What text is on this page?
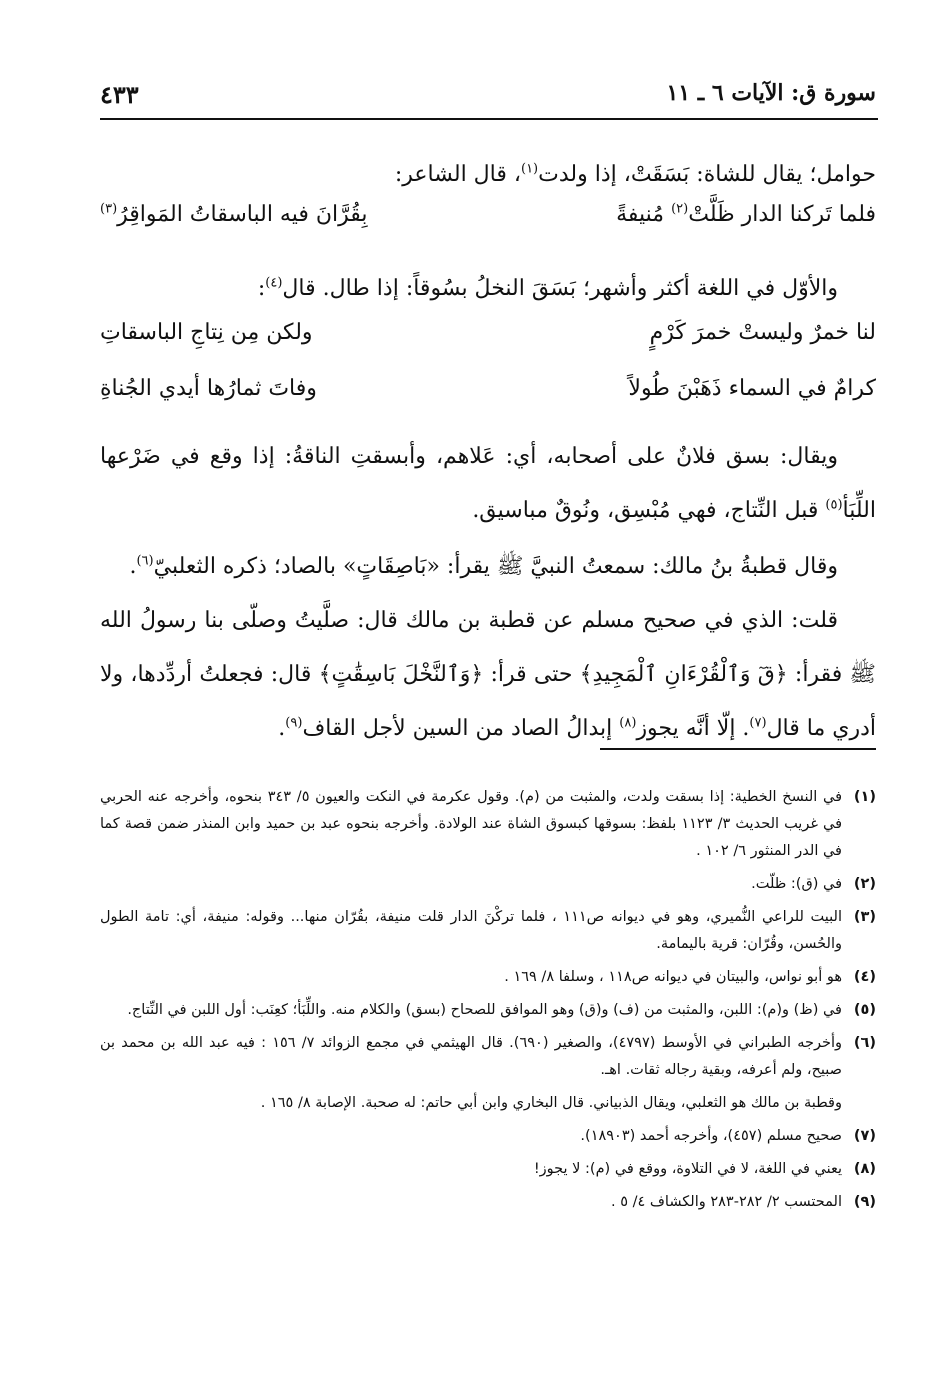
سورة ق: الآيات ٦ ـ ١١
٤٣٣

حوامل؛ يقال للشاة: بَسَقَتْ، إذا ولدت$^{(١)}$، قال الشاعر:

فلما تَركنا الدار ظَلَّتْ$^{(٢)}$ مُنيفةً
بِقُرَّانَ فيه الباسقاتُ المَواقِرُ$^{(٣)}$

والأوّل في اللغة أكثر وأشهر؛ بَسَقَ النخلُ بسُوقاً: إذا طال. قال$^{(٤)}$:

لنا خمرٌ وليستْ خمرَ كَرْمٍ
ولكن مِن نِتاجِ الباسقاتِ
كرامٌ في السماء ذَهَبْنَ طُولاً
وفاتَ ثمارُها أيدي الجُناةِ

ويقال: بسق فلانٌ على أصحابه، أي: عَلاهم، وأبسقتِ الناقةُ: إذا وقع في ضَرْعها اللِّبَأ$^{(٥)}$ قبل النِّتاج، فهي مُبْسِق، ونُوقٌ مباسيق.

وقال قطبةُ بنُ مالك: سمعتُ النبيَّ ﷺ يقرأ: «بَاصِقَاتٍ» بالصاد؛ ذكره الثعلبيّ$^{(٦)}$.

قلت: الذي في صحيح مسلم عن قطبة بن مالك قال: صلَّيتُ وصلّى بنا رسولُ الله ﷺ فقرأ: ﴿قٓ وَٱلْقُرْءَانِ ٱلْمَجِيدِ﴾ حتى قرأ: ﴿وَٱلنَّخْلَ بَاسِقَٰتٍ﴾ قال: فجعلتُ أردِّدها، ولا أدري ما قال$^{(٧)}$. إلّا أنَّه يجوز$^{(٨)}$ إبدالُ الصاد من السين لأجل القاف$^{(٩)}$.

(١)
في النسخ الخطية: إذا بسقت ولدت، والمثبت من (م). وقول عكرمة في النكت والعيون ٥/ ٣٤٣ بنحوه، وأخرجه عنه الحربي في غريب الحديث ٣/ ١١٢٣ بلفظ: بسوقها كبسوق الشاة عند الولادة. وأخرجه بنحوه عبد بن حميد وابن المنذر ضمن قصة كما في الدر المنثور ٦/ ١٠٢ .
(٢)
في (ق): ظلّت.
(٣)
البيت للراعي النُّميري، وهو في ديوانه ص١١١ ، فلما تركْنَ الدار قلت منيفة، بقُرّان منها... وقوله: منيفة، أي: تامة الطول والحُسن، وقُرّان: قرية باليمامة.
(٤)
هو أبو نواس، والبيتان في ديوانه ص١١٨ ، وسلفا ٨/ ١٦٩ .
(٥)
في (ظ) و(م): اللبن، والمثبت من (ف) و(ق) وهو الموافق للصحاح (بسق) والكلام منه. واللِّبَأ؛ كعِنَب: أول اللبن في النِّتاج.
(٦)
وأخرجه الطبراني في الأوسط (٤٧٩٧)، والصغير (٦٩٠). قال الهيثمي في مجمع الزوائد ٧/ ١٥٦ : فيه عبد الله بن محمد بن صبيح، ولم أعرفه، وبقية رجاله ثقات. اهـ.
وقطبة بن مالك هو الثعلبي، ويقال الذبياني. قال البخاري وابن أبي حاتم: له صحبة. الإصابة ٨/ ١٦٥ .
(٧)
صحيح مسلم (٤٥٧)، وأخرجه أحمد (١٨٩٠٣).
(٨)
يعني في اللغة، لا في التلاوة، ووقع في (م): لا يجوز!
(٩)
المحتسب ٢/ ٢٨٢-٢٨٣ والكشاف ٤/ ٥ .
